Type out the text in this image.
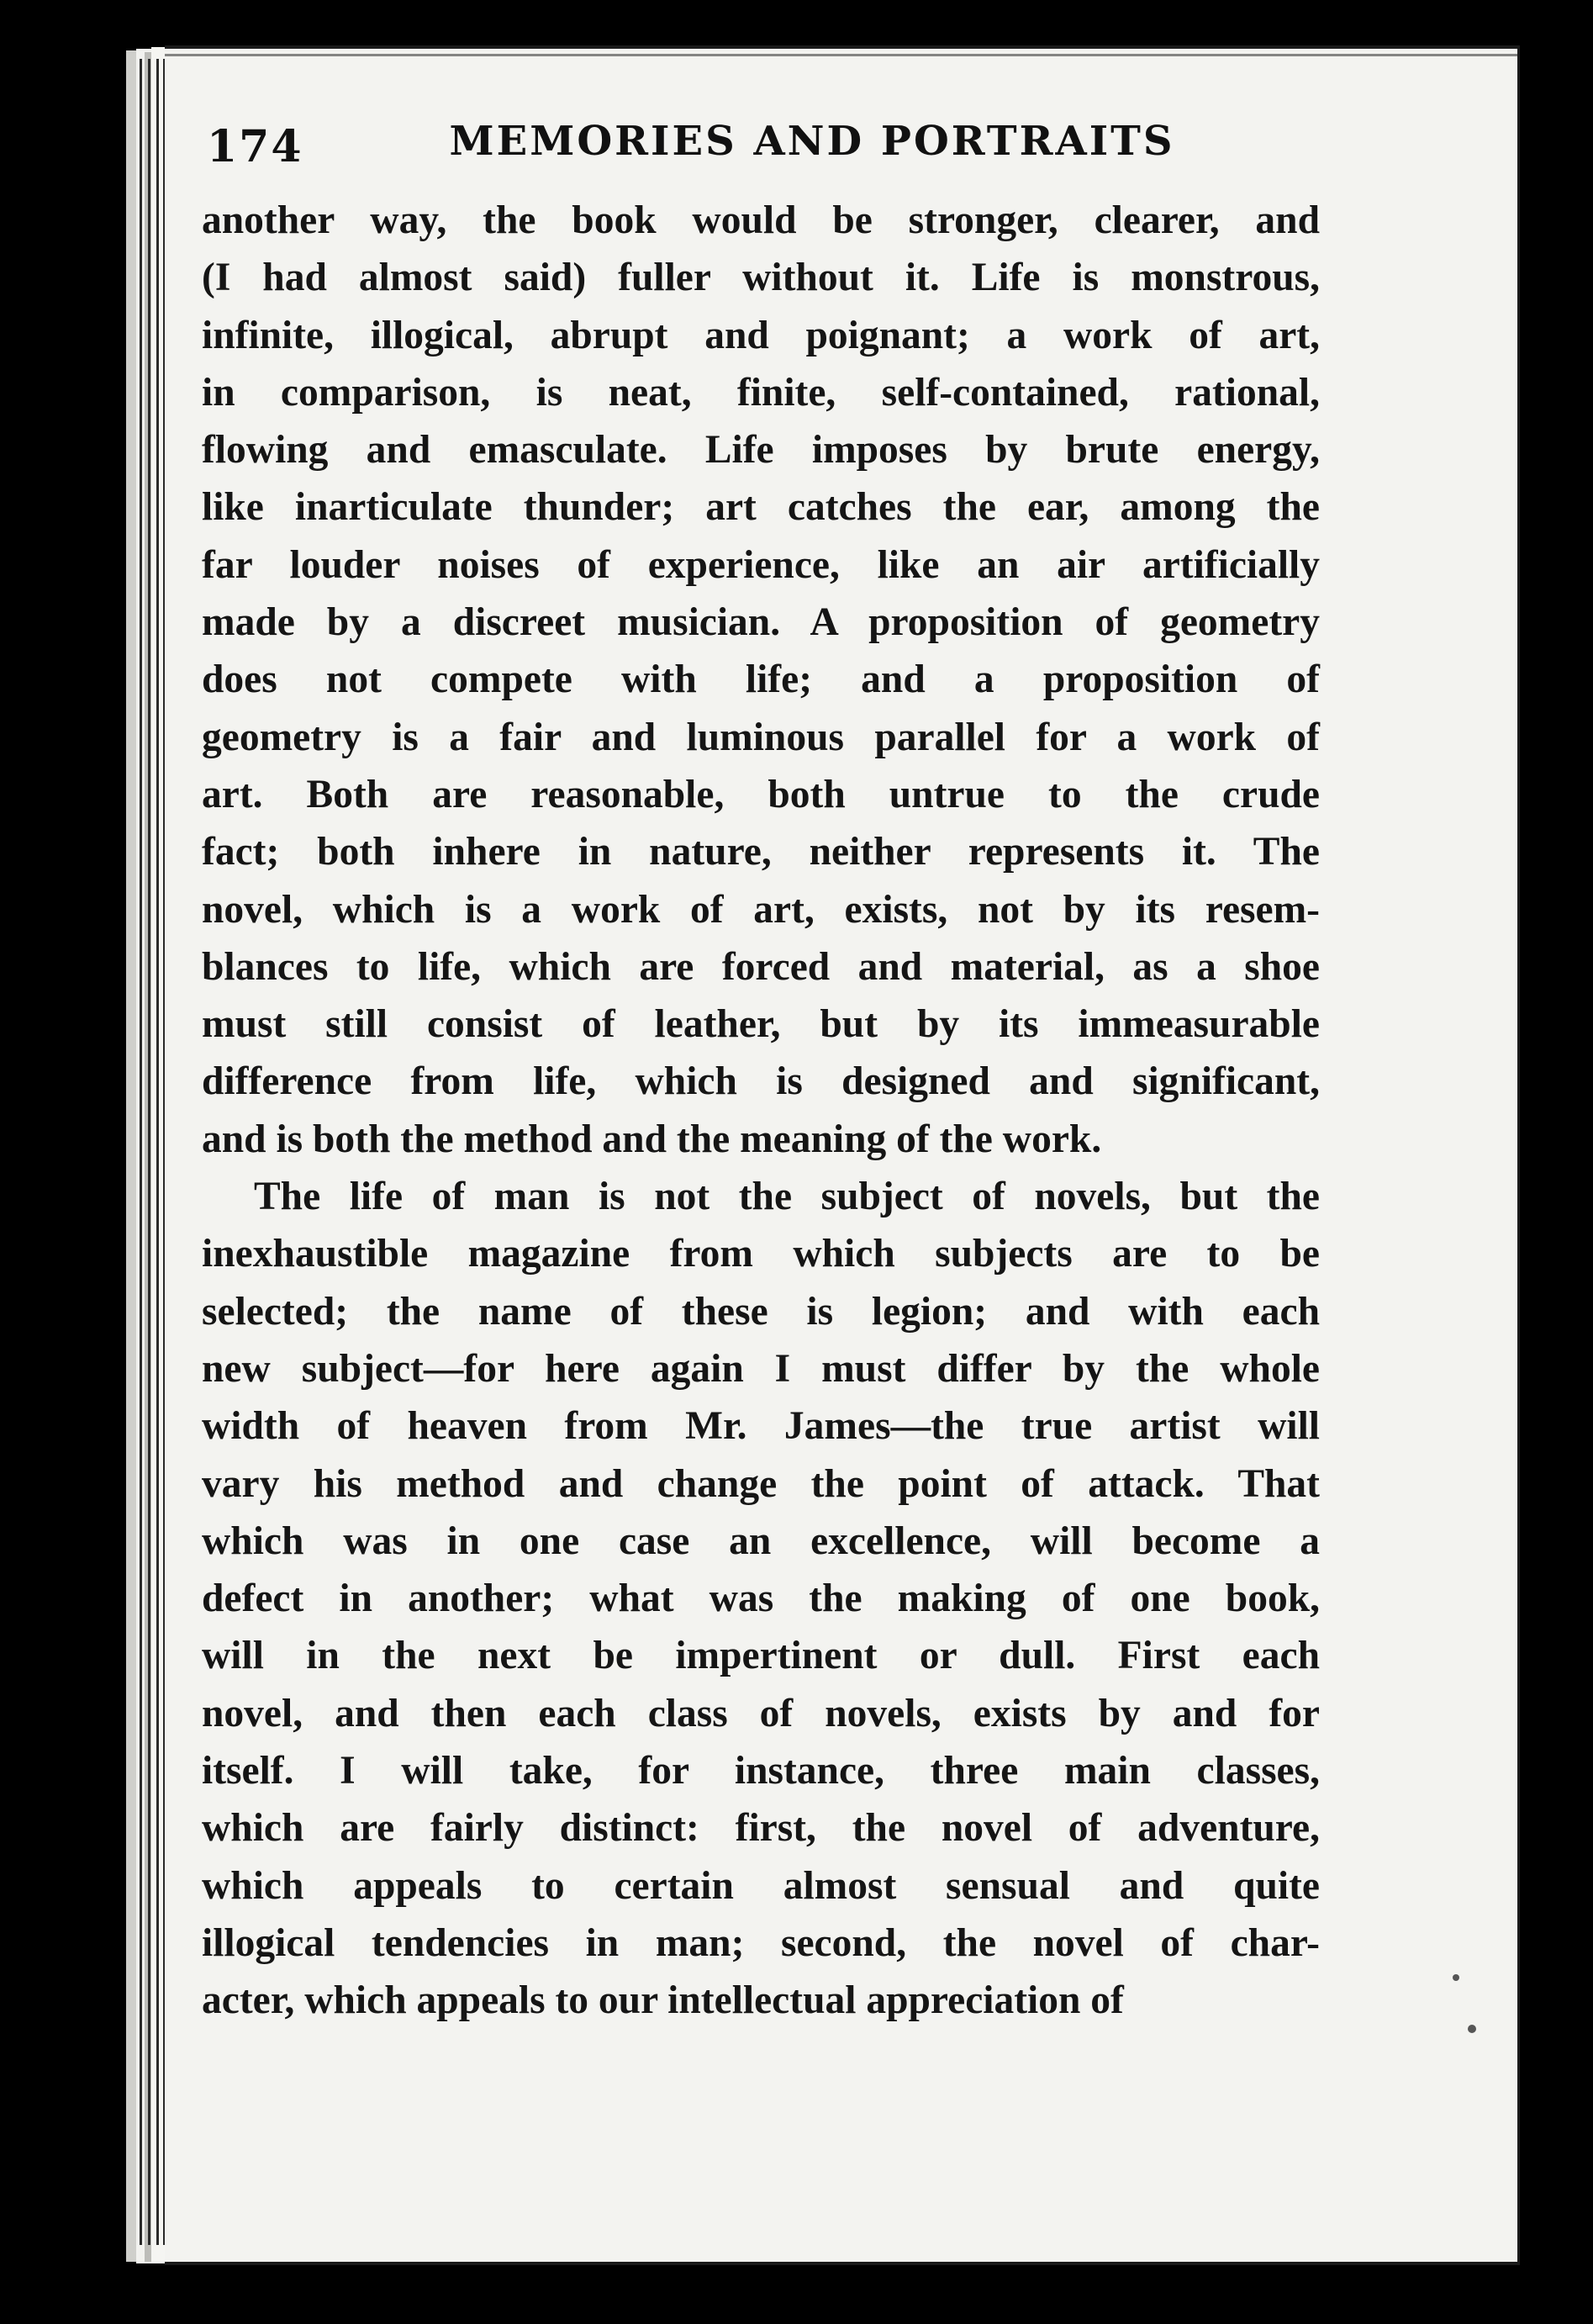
174	MEMORIES AND PORTRAITS
another way, the book would be stronger, clearer, and
(I had almost said) fuller without it. Life is monstrous,
infinite, illogical, abrupt and poignant; a work of art,
in comparison, is neat, finite, self-contained, rational,
flowing and emasculate. Life imposes by brute energy,
like inarticulate thunder; art catches the ear, among the
far louder noises of experience, like an air artificially
made by a discreet musician. A proposition of geometry
does not compete with life; and a proposition of
geometry is a fair and luminous parallel for a work of
art. Both are reasonable, both untrue to the crude
fact; both inhere in nature, neither represents it. The
novel, which is a work of art, exists, not by its resem-
blances to life, which are forced and material, as a shoe
must still consist of leather, but by its immeasurable
difference from life, which is designed and significant,
and is both the method and the meaning of the work.
The life of man is not the subject of novels, but the
inexhaustible magazine from which subjects are to be
selected; the name of these is legion; and with each
new subject—for here again I must differ by the whole
width of heaven from Mr. James—the true artist will
vary his method and change the point of attack. That
which was in one case an excellence, will become a
defect in another; what was the making of one book,
will in the next be impertinent or dull. First each
novel, and then each class of novels, exists by and for
itself. I will take, for instance, three main classes,
which are fairly distinct: first, the novel of adventure,
which appeals to certain almost sensual and quite
illogical tendencies in man; second, the novel of char-
acter, which appeals to our intellectual appreciation of
